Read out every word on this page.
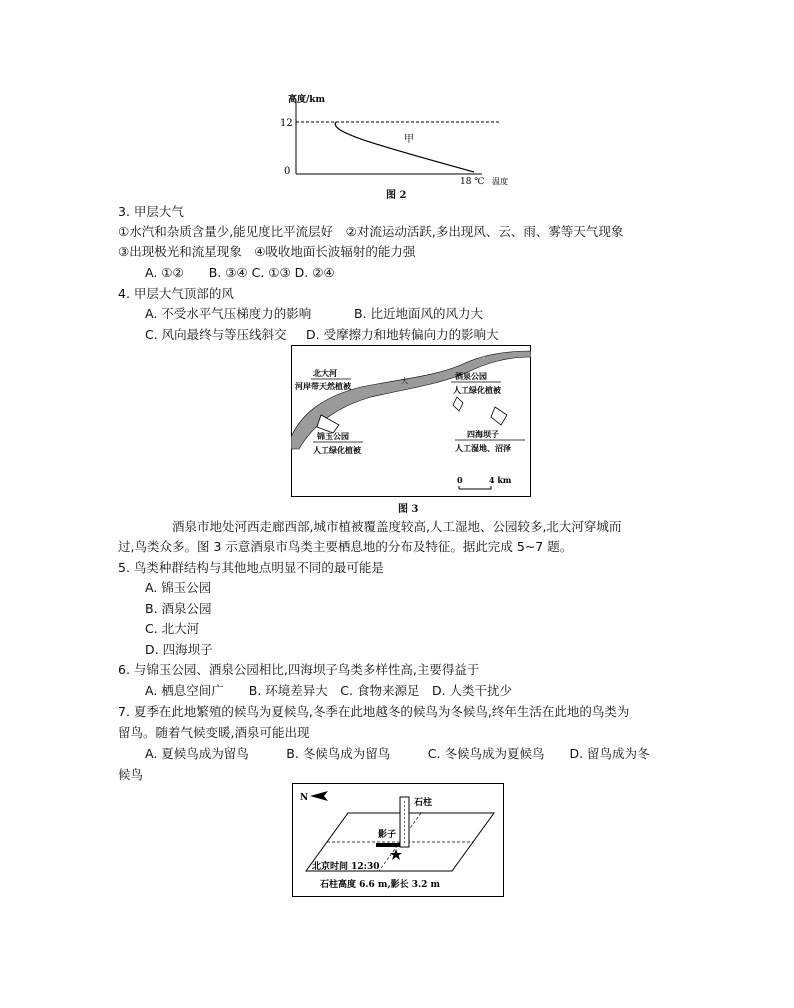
高度/km
12
0
甲
18 ℃ 温度
图 2
3. 甲层大气
①水汽和杂质含量少,能见度比平流层好　②对流运动活跃,多出现风、云、雨、雾等天气现象
③出现极光和流星现象　④吸收地面长波辐射的能力强
A. ①②　　B. ③④ C. ①③ D. ②④
4. 甲层大气顶部的风
A. 不受水平气压梯度力的影响	B. 比近地面风的风力大
C. 风向最终与等压线斜交 D. 受摩擦力和地转偏向力的影响大
大
河
北
北大河
河岸带天然植被
酒泉公园
人工绿化植被
锦玉公园
人工绿化植被
四海坝子
人工湿地、沼泽
0	4 km
图 3
酒泉市地处河西走廊西部,城市植被覆盖度较高,人工湿地、公园较多,北大河穿城而
过,鸟类众多。图 3 示意酒泉市鸟类主要栖息地的分布及特征。据此完成 5~7 题。
5. 鸟类种群结构与其他地点明显不同的最可能是
A. 锦玉公园
B. 酒泉公园
C. 北大河
D. 四海坝子
6. 与锦玉公园、酒泉公园相比,四海坝子鸟类多样性高,主要得益于
A. 栖息空间广　　B. 环境差异大　C. 食物来源足　D. 人类干扰少
7. 夏季在此地繁殖的候鸟为夏候鸟,冬季在此地越冬的候鸟为冬候鸟,终年生活在此地的鸟类为
留鸟。随着气候变暖,酒泉可能出现
A. 夏候鸟成为留鸟　　　B. 冬候鸟成为留鸟　　　C. 冬候鸟成为夏候鸟　　D. 留鸟成为冬
候鸟
N	石柱
影子
北京时间 12:30
石柱高度 6.6 m,影长 3.2 m
